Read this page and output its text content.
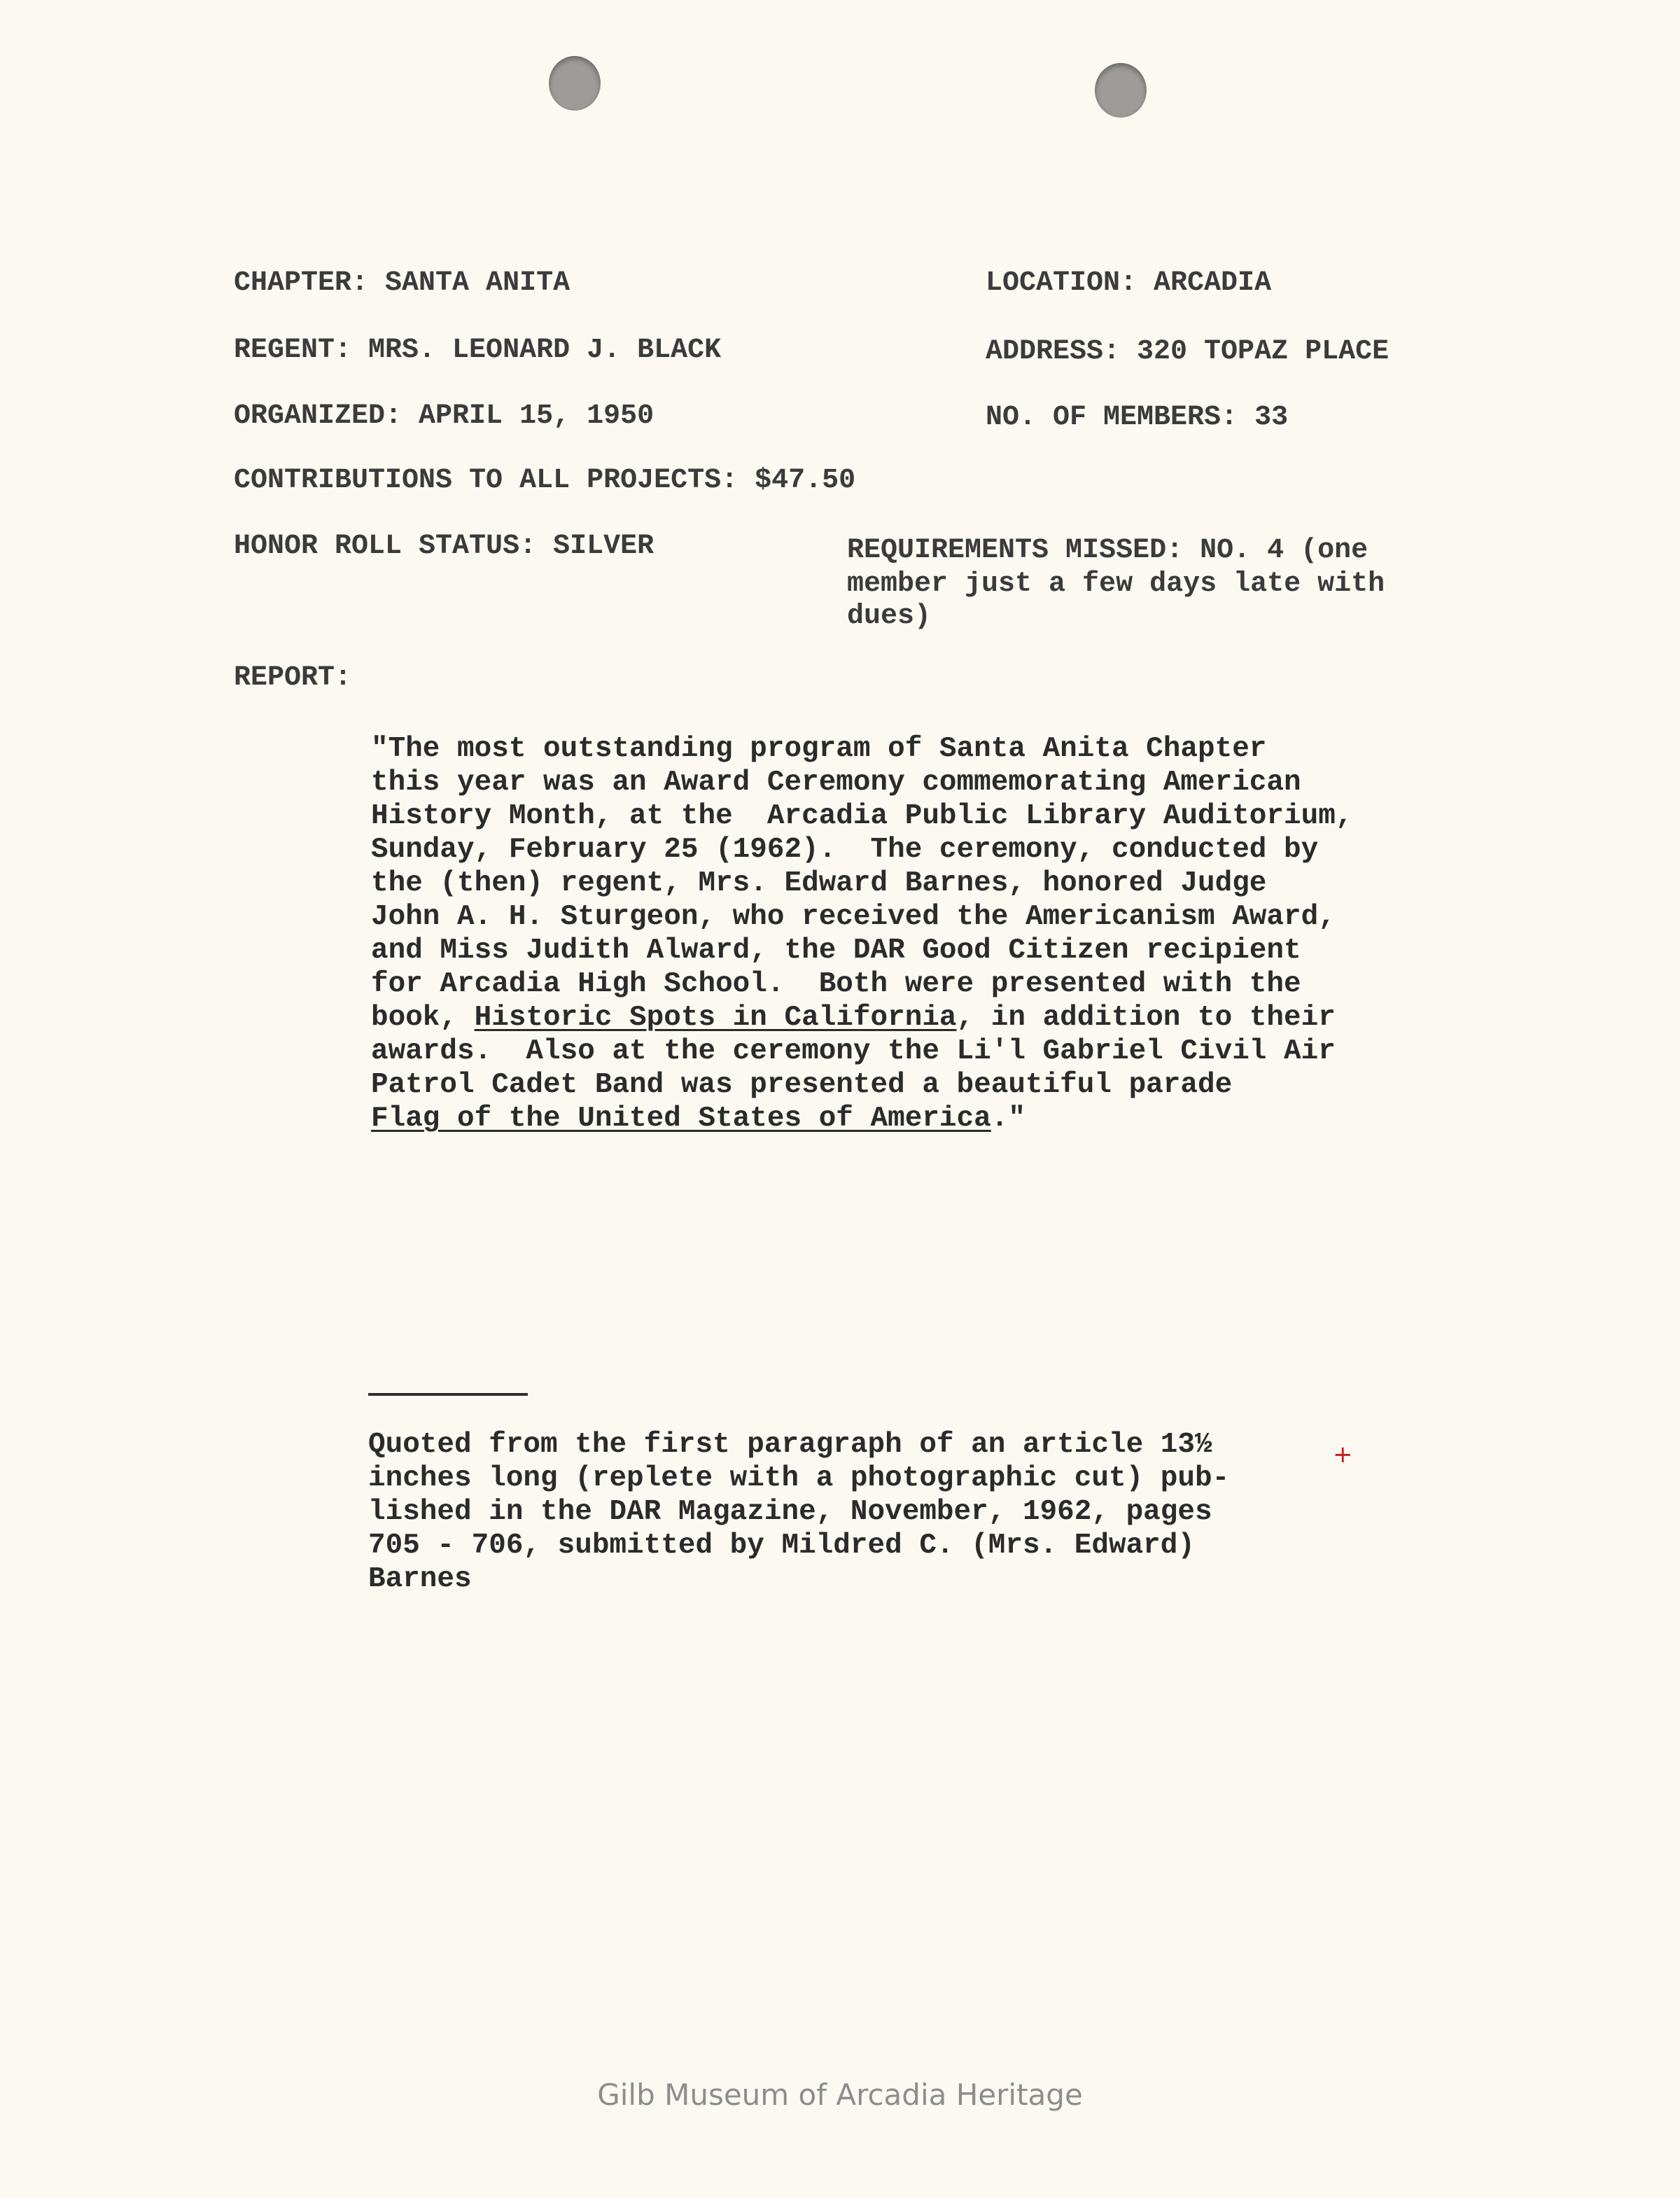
CHAPTER: SANTA ANITA	LOCATION: ARCADIA
REGENT: MRS. LEONARD J. BLACK	ADDRESS: 320 TOPAZ PLACE
ORGANIZED: APRIL 15, 1950	NO. OF MEMBERS: 33
CONTRIBUTIONS TO ALL PROJECTS: $47.50
HONOR ROLL STATUS: SILVER	REQUIREMENTS MISSED: NO. 4 (one
member just a few days late with
dues)
REPORT:
"The most outstanding program of Santa Anita Chapter
this year was an Award Ceremony commemorating American
History Month, at the  Arcadia Public Library Auditorium,
Sunday, February 25 (1962).  The ceremony, conducted by
the (then) regent, Mrs. Edward Barnes, honored Judge
John A. H. Sturgeon, who received the Americanism Award,
and Miss Judith Alward, the DAR Good Citizen recipient
for Arcadia High School.  Both were presented with the
book, Historic Spots in California, in addition to their
awards.  Also at the ceremony the Li'l Gabriel Civil Air
Patrol Cadet Band was presented a beautiful parade
Flag of the United States of America."
Quoted from the first paragraph of an article 13½
inches long (replete with a photographic cut) pub-
lished in the DAR Magazine, November, 1962, pages
705 - 706, submitted by Mildred C. (Mrs. Edward)
Barnes
+
Gilb Museum of Arcadia Heritage
